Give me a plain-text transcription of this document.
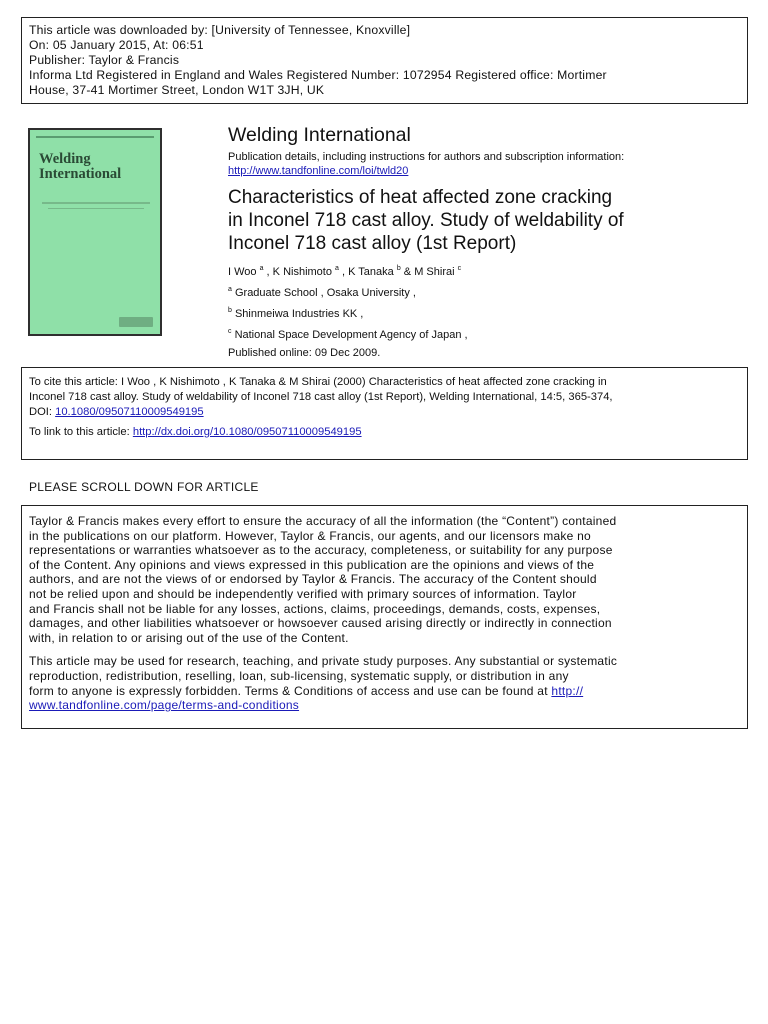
This article was downloaded by: [University of Tennessee, Knoxville]
On: 05 January 2015, At: 06:51
Publisher: Taylor & Francis
Informa Ltd Registered in England and Wales Registered Number: 1072954 Registered office: Mortimer
House, 37-41 Mortimer Street, London W1T 3JH, UK
Welding
International
Welding International
Publication details, including instructions for authors and subscription information:
http://www.tandfonline.com/loi/twld20
Characteristics of heat affected zone cracking
in Inconel 718 cast alloy. Study of weldability of
Inconel 718 cast alloy (1st Report)
I Woo $^a$ , K Nishimoto $^a$ , K Tanaka $^b$ & M Shirai $^c$
$^a$ Graduate School , Osaka University ,
$^b$ Shinmeiwa Industries KK ,
$^c$ National Space Development Agency of Japan ,
Published online: 09 Dec 2009.
To cite this article: I Woo , K Nishimoto , K Tanaka & M Shirai (2000) Characteristics of heat affected zone cracking in
Inconel 718 cast alloy. Study of weldability of Inconel 718 cast alloy (1st Report), Welding International, 14:5, 365-374,
DOI: 10.1080/09507110009549195
To link to this article: http://dx.doi.org/10.1080/09507110009549195
PLEASE SCROLL DOWN FOR ARTICLE
Taylor & Francis makes every effort to ensure the accuracy of all the information (the “Content”) contained
in the publications on our platform. However, Taylor & Francis, our agents, and our licensors make no
representations or warranties whatsoever as to the accuracy, completeness, or suitability for any purpose
of the Content. Any opinions and views expressed in this publication are the opinions and views of the
authors, and are not the views of or endorsed by Taylor & Francis. The accuracy of the Content should
not be relied upon and should be independently verified with primary sources of information. Taylor
and Francis shall not be liable for any losses, actions, claims, proceedings, demands, costs, expenses,
damages, and other liabilities whatsoever or howsoever caused arising directly or indirectly in connection
with, in relation to or arising out of the use of the Content.
This article may be used for research, teaching, and private study purposes. Any substantial or systematic
reproduction, redistribution, reselling, loan, sub-licensing, systematic supply, or distribution in any
form to anyone is expressly forbidden. Terms & Conditions of access and use can be found at http://
www.tandfonline.com/page/terms-and-conditions
